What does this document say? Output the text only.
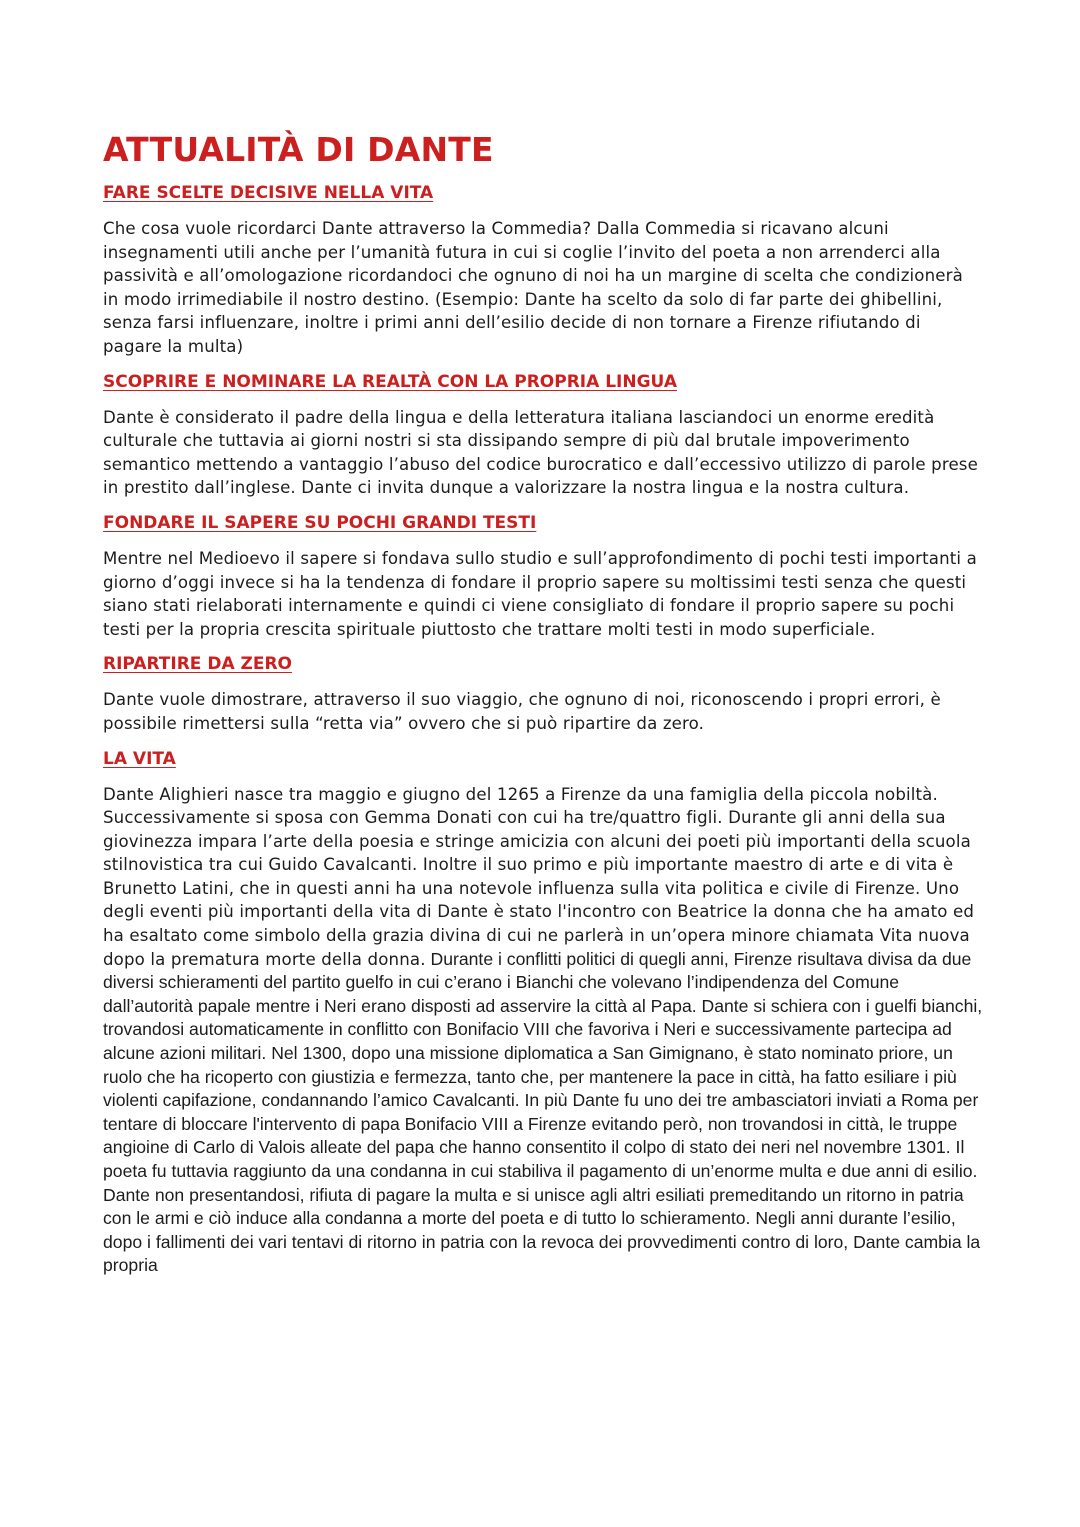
ATTUALITÀ DI DANTE
FARE SCELTE DECISIVE NELLA VITA

Che cosa vuole ricordarci Dante attraverso la Commedia? Dalla Commedia si ricavano alcuni insegnamenti utili anche per l’umanità futura in cui si coglie l’invito del poeta a non arrenderci alla passività e all’omologazione ricordandoci che ognuno di noi ha un margine di scelta che condizionerà in modo irrimediabile il nostro destino. (Esempio: Dante ha scelto da solo di far parte dei ghibellini, senza farsi influenzare, inoltre i primi anni dell’esilio decide di non tornare a Firenze rifiutando di pagare la multa)

SCOPRIRE E NOMINARE LA REALTÀ CON LA PROPRIA LINGUA

Dante è considerato il padre della lingua e della letteratura italiana lasciandoci un enorme eredità culturale che tuttavia ai giorni nostri si sta dissipando sempre di più dal brutale impoverimento semantico mettendo a vantaggio l’abuso del codice burocratico e dall’eccessivo utilizzo di parole prese in prestito dall’inglese. Dante ci invita dunque a valorizzare la nostra lingua e la nostra cultura.

FONDARE IL SAPERE SU POCHI GRANDI TESTI

Mentre nel Medioevo il sapere si fondava sullo studio e sull’approfondimento di pochi testi importanti a giorno d’oggi invece si ha la tendenza di fondare il proprio sapere su moltissimi testi senza che questi siano stati rielaborati internamente e quindi ci viene consigliato di fondare il proprio sapere su pochi testi per la propria crescita spirituale piuttosto che trattare molti testi in modo superficiale.

RIPARTIRE DA ZERO

Dante vuole dimostrare, attraverso il suo viaggio, che ognuno di noi, riconoscendo i propri errori, è possibile rimettersi sulla “retta via” ovvero che si può ripartire da zero.

LA VITA

Dante Alighieri nasce tra maggio e giugno del 1265 a Firenze da una famiglia della piccola nobiltà. Successivamente si sposa con Gemma Donati con cui ha tre/quattro figli. Durante gli anni della sua giovinezza impara l’arte della poesia e stringe amicizia con alcuni dei poeti più importanti della scuola stilnovistica tra cui Guido Cavalcanti. Inoltre il suo primo e più importante maestro di arte e di vita è Brunetto Latini, che in questi anni ha una notevole influenza sulla vita politica e civile di Firenze. Uno degli eventi più importanti della vita di Dante è stato l'incontro con Beatrice la donna che ha amato ed ha esaltato come simbolo della grazia divina di cui ne parlerà in un’opera minore chiamata Vita nuova dopo la prematura morte della donna. Durante i conflitti politici di quegli anni, Firenze risultava divisa da due diversi schieramenti del partito guelfo in cui c’erano i Bianchi che volevano l’indipendenza del Comune dall’autorità papale mentre i Neri erano disposti ad asservire la città al Papa. Dante si schiera con i guelfi bianchi, trovandosi automaticamente in conflitto con Bonifacio VIII che favoriva i Neri e successivamente partecipa ad alcune azioni militari. Nel 1300, dopo una missione diplomatica a San Gimignano, è stato nominato priore, un ruolo che ha ricoperto con giustizia e fermezza, tanto che, per mantenere la pace in città, ha fatto esiliare i più violenti capifazione, condannando l’amico Cavalcanti. In più Dante fu uno dei tre ambasciatori inviati a Roma per tentare di bloccare l'intervento di papa Bonifacio VIII a Firenze evitando però, non trovandosi in città, le truppe angioine di Carlo di Valois alleate del papa che hanno consentito il colpo di stato dei neri nel novembre 1301. Il poeta fu tuttavia raggiunto da una condanna in cui stabiliva il pagamento di un’enorme multa e due anni di esilio. Dante non presentandosi, rifiuta di pagare la multa e si unisce agli altri esiliati premeditando un ritorno in patria con le armi e ciò induce alla condanna a morte del poeta e di tutto lo schieramento. Negli anni durante l’esilio, dopo i fallimenti dei vari tentavi di ritorno in patria con la revoca dei provvedimenti contro di loro, Dante cambia la propria
